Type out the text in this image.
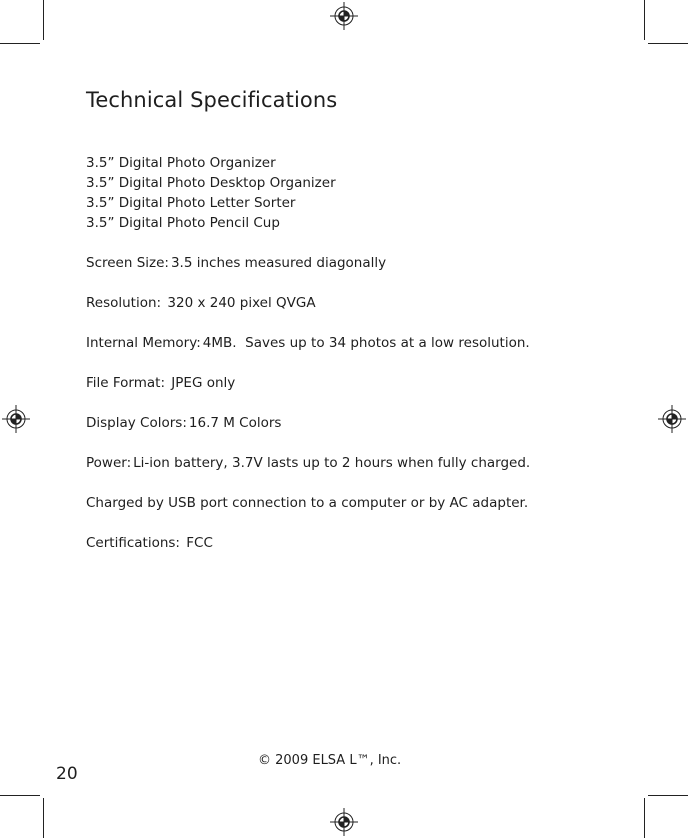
Technical Specifications
3.5” Digital Photo Organizer
3.5” Digital Photo Desktop Organizer
3.5” Digital Photo Letter Sorter
3.5” Digital Photo Pencil Cup

Screen Size: 3.5 inches measured diagonally

Resolution: 320 x 240 pixel QVGA

Internal Memory: 4MB.  Saves up to 34 photos at a low resolution.

File Format: JPEG only

Display Colors: 16.7 M Colors

Power: Li-ion battery, 3.7V lasts up to 2 hours when fully charged.

Charged by USB port connection to a computer or by AC adapter.

Certifications: FCC

© 2009 ELSA L™, Inc.
20
